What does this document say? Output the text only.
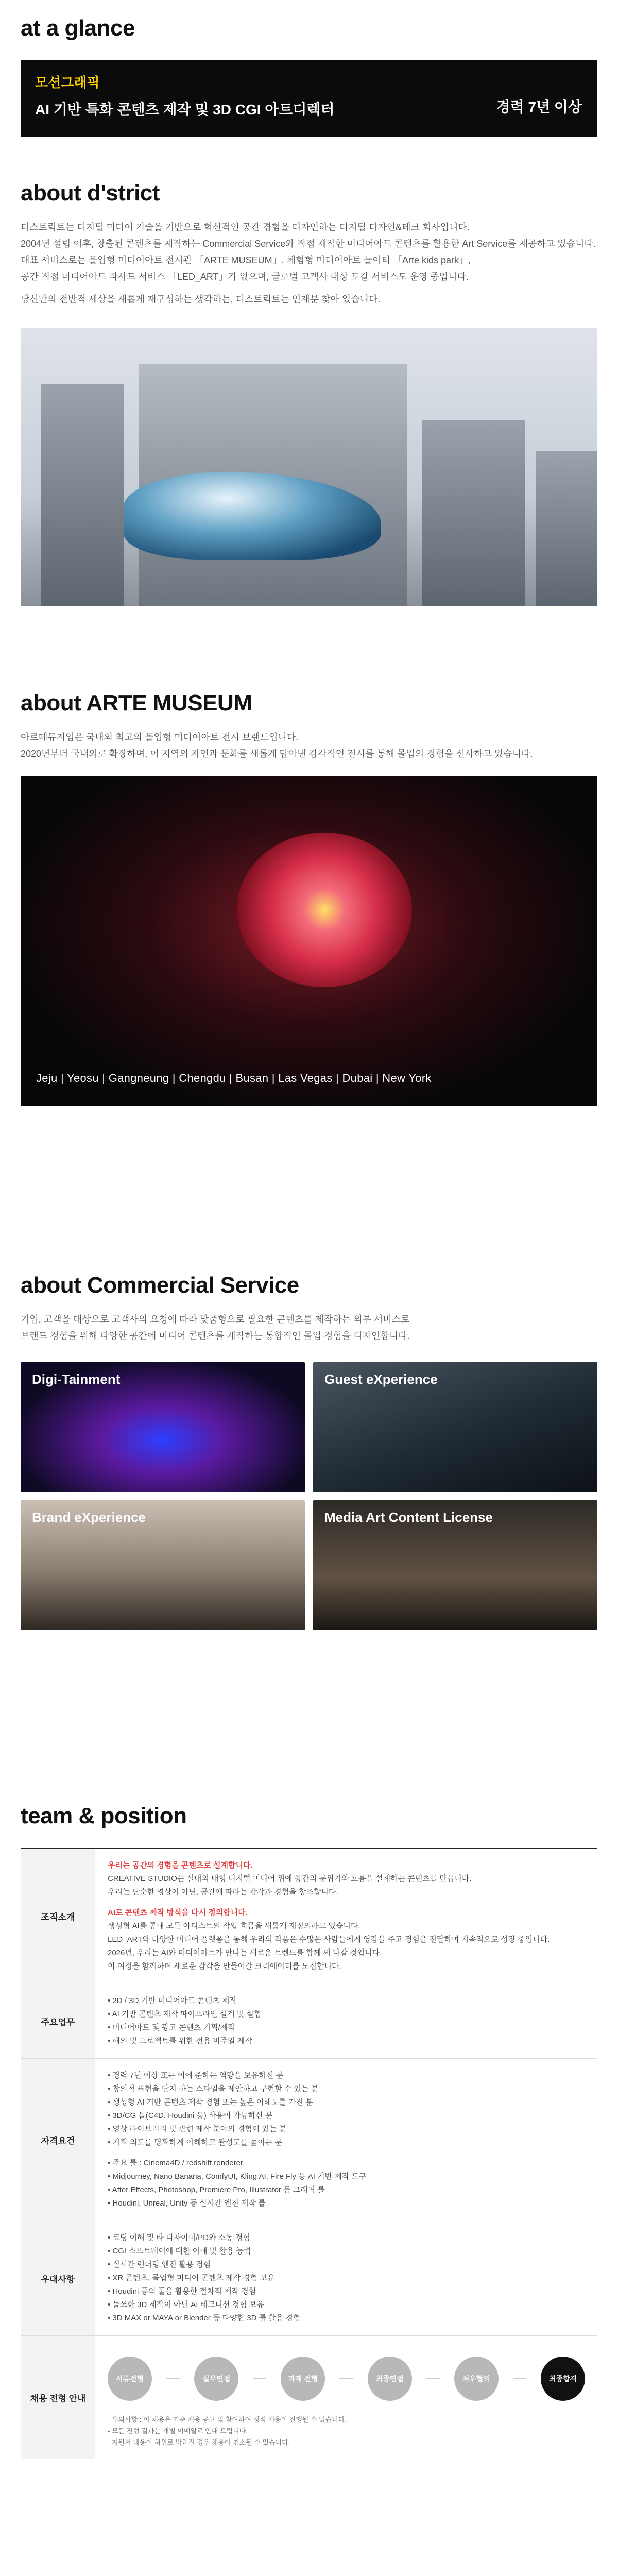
at a glance
모션그래픽
AI 기반 특화 콘텐츠 제작 및 3D CGI 아트디렉터	경력 7년 이상
about d'strict

디스트릭트는 디지털 미디어 기술을 기반으로 혁신적인 공간 경험을 디자인하는 디지털 디자인&테크 회사입니다.

2004년 설립 이후, 창출된 콘텐츠를 제작하는 Commercial Service와 직접 제작한 미디어아트 콘텐츠를 활용한 Art Service를 제공하고 있습니다.

대표 서비스로는 몰입형 미디어아트 전시관 「ARTE MUSEUM」, 체험형 미디어아트 놀이터 「Arte kids park」,

공간 직접 미디어아트 파사드 서비스 「LED_ART」가 있으며, 글로벌 고객사 대상 토갈 서비스도 운영 중입니다.

당신만의 전반적 세상을 새롭게 재구성하는 생각하는, 디스트릭트는 인재분 찾아 있습니다.

about ARTE MUSEUM

아르떼뮤지엄은 국내외 최고의 몰입형 미디어아트 전시 브랜드입니다.

2020년부터 국내외로 확장하며, 이 지역의 자연과 문화를 새롭게 담아낸 감각적인 전시를 통해 몰입의 경험을 선사하고 있습니다.

Jeju | Yeosu | Gangneung | Chengdu | Busan | Las Vegas | Dubai | New York
about Commercial Service

기업, 고객을 대상으로 고객사의 요청에 따라 맞춤형으로 필요한 콘텐츠를 제작하는 외부 서비스로

브랜드 경험을 위해 다양한 공간에 미디어 콘텐츠를 제작하는 통합적인 몰입 경험을 디자인합니다.

Digi-Tainment	Guest eXperience
Brand eXperience	Media Art Content License
team & position
조직소개
우리는 공간의 경험을 콘텐츠로 설계합니다.
CREATIVE STUDIO는 실내외 대형 디지털 미디어 위에 공간의 분위기와 흐름을 설계하는 콘텐츠를 만듭니다.
우리는 단순한 영상이 아닌, 공간에 따라는 감각과 경험을 창조합니다.
AI로 콘텐츠 제작 방식을 다시 정의합니다.
생성형 AI를 통해 모든 아티스트의 작업 흐름을 새롭게 재정의하고 있습니다.
LED_ART와 다양한 미디어 플랫폼을 통해 우리의 작품은 수많은 사람들에게 영감을 주고 경험을 전달하며 지속적으로 성장 중입니다.
2026년, 우리는 AI와 미디어아트가 만나는 새로운 트렌드를 함께 써 나갈 것입니다.
이 여정을 함께하며 새로운 감각을 만들어갈 크리에이터를 모집합니다.
주요업무
• 2D / 3D 기반 미디어아트 콘텐츠 제작
• AI 기반 콘텐츠 제작 파이프라인 설계 및 실험
• 미디어아트 및 광고 콘텐츠 기획/제작
• 해외 및 프로젝트를 위한 전용 비주얼 제작
자격요건
• 경력 7년 이상 또는 이에 준하는 역량을 보유하신 분
• 창의적 표현을 단지 하는 스타일을 제안하고 구현할 수 있는 분
• 생성형 AI 기반 콘텐츠 제작 경험 또는 높은 이해도를 가진 분
• 3D/CG 툴(C4D, Houdini 등) 사용이 가능하신 분
• 영상 라이브러리 및 관련 제작 분야의 경험이 있는 분
• 기획 의도를 명확하게 이해하고 완성도를 높이는 분
• 주요 툴 : Cinema4D / redshift renderer
• Midjourney, Nano Banana, ComfyUI, Kling AI, Fire Fly 등 AI 기반 제작 도구
• After Effects, Photoshop, Premiere Pro, Illustrator 등 그래픽 툴
• Houdini, Unreal, Unity 등 실시간 엔진 제작 툴
우대사항
• 코딩 이해 및 타 디자이너/PD와 소통 경험
• CGI 소프트웨어에 대한 이해 및 활용 능력
• 실시간 렌더링 엔진 활용 경험
• XR 콘텐츠, 몰입형 미디어 콘텐츠 제작 경험 보유
• Houdini 등의 툴을 활용한 절차적 제작 경험
• 늘쓰한 3D 제작이 아닌 AI 테크니션 경험 보유
• 3D MAX or MAYA or Blender 등 다양한 3D 툴 활용 경험
채용 전형 안내
서류전형	실무면접	과제 전형	최종면접	처우협의	최종합격
- 유의사항 : 이 채용은 기준 채용 공고 및 참여하여 정식 채용이 진행될 수 있습니다.
- 모든 전형 결과는 개별 이메일로 안내 드립니다.
- 지원서 내용이 허위로 밝혀질 경우 채용이 취소될 수 있습니다.
